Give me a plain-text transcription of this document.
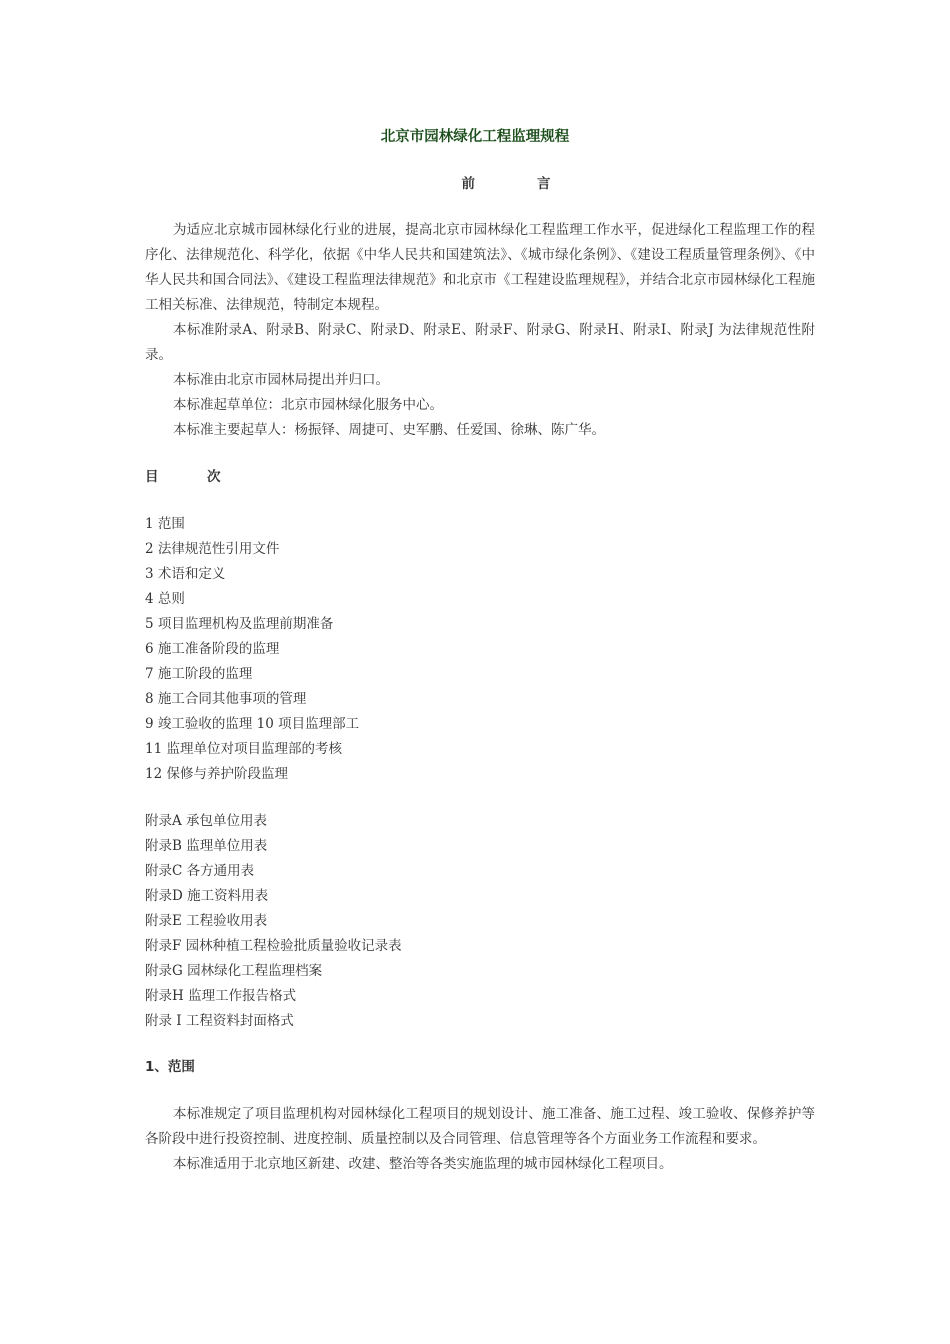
北京市园林绿化工程监理规程
前言

为适应北京城市园林绿化行业的进展，提高北京市园林绿化工程监理工作水平，促进绿化工程监理工作的程序化、法律规范化、科学化，依据《中华人民共和国建筑法》、《城市绿化条例》、《建设工程质量管理条例》、《中华人民共和国合同法》、《建设工程监理法律规范》和北京市《工程建设监理规程》，并结合北京市园林绿化工程施工相关标准、法律规范，特制定本规程。

本标准附录A、附录B、附录C、附录D、附录E、附录F、附录G、附录H、附录I、附录J 为法律规范性附录。

本标准由北京市园林局提出并归口。

本标准起草单位：北京市园林绿化服务中心。

本标准主要起草人：杨振铎、周捷可、史军鹏、任爱国、徐琳、陈广华。

目	次
1 范围
2 法律规范性引用文件
3 术语和定义
4 总则
5 项目监理机构及监理前期准备
6 施工准备阶段的监理
7 施工阶段的监理
8 施工合同其他事项的管理
9 竣工验收的监理 10 项目监理部工
11 监理单位对项目监理部的考核
12 保修与养护阶段监理
附录A 承包单位用表
附录B 监理单位用表
附录C 各方通用表
附录D 施工资料用表
附录E 工程验收用表
附录F 园林种植工程检验批质量验收记录表
附录G 园林绿化工程监理档案
附录H 监理工作报告格式
附录 I 工程资料封面格式
1、范围

本标准规定了项目监理机构对园林绿化工程项目的规划设计、施工准备、施工过程、竣工验收、保修养护等各阶段中进行投资控制、进度控制、质量控制以及合同管理、信息管理等各个方面业务工作流程和要求。

本标准适用于北京地区新建、改建、整治等各类实施监理的城市园林绿化工程项目。
